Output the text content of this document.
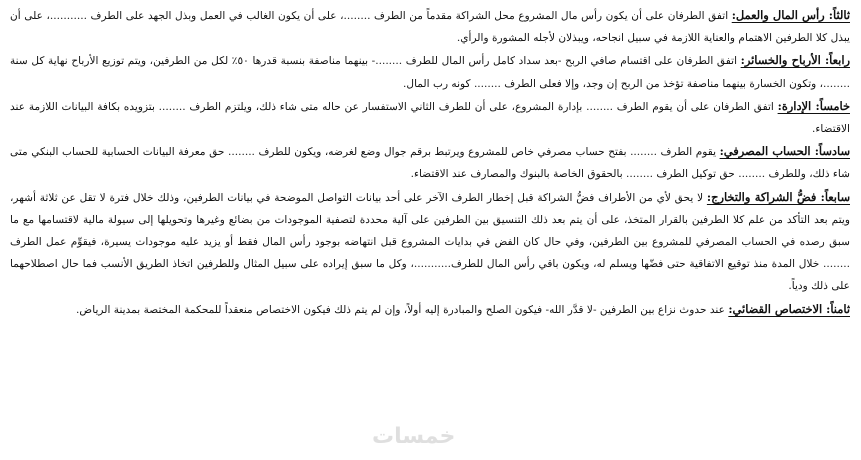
ثالثاً: رأس المال والعمل: اتفق الطرفان على أن يكون رأس مال المشروع محل الشراكة مقدماً من الطرف ........، على أن يكون الغالب في العمل وبذل الجهد على الطرف ...........، على أن يبذل كلا الطرفين الاهتمام والعناية اللازمة في سبيل انجاحه، ويبذلان لأجله المشورة والرأي.

رابعاً: الأرباح والخسائر: اتفق الطرفان على اقتسام صافي الربح -بعد سداد كامل رأس المال للطرف ........- بينهما مناصفة بنسبة قدرها ٥٠٪ لكل من الطرفين، ويتم توزيع الأرباح نهاية كل سنة ........، وتكون الخسارة بينهما مناصفة تؤخذ من الربح إن وجد، وإلا فعلى الطرف ........ كونه رب المال.

خامساً: الإدارة: اتفق الطرفان على أن يقوم الطرف ........ بإدارة المشروع، على أن للطرف الثاني الاستفسار عن حاله متى شاء ذلك، ويلتزم الطرف ........ بتزويده بكافة البيانات اللازمة عند الاقتضاء.

سادساً: الحساب المصرفي: يقوم الطرف ........ بفتح حساب مصرفي خاص للمشروع ويرتبط برقم جوال وضع لغرضه، ويكون للطرف ........ حق معرفة البيانات الحسابية للحساب البنكي متى شاء ذلك، وللطرف ........ حق توكيل الطرف ........ بالحقوق الخاصة بالبنوك والمصارف عند الاقتضاء.

سابعاً: فضُّ الشراكة والتخارج: لا يحق لأي من الأطراف فضُّ الشراكة قبل إخطار الطرف الآخر على أحد بيانات التواصل الموضحة في بيانات الطرفين، وذلك خلال فترة لا تقل عن ثلاثة أشهر، ويتم بعد التأكد من علم كلا الطرفين بالقرار المتخذ، على أن يتم بعد ذلك التنسيق بين الطرفين على آلية محددة لتصفية الموجودات من بضائع وغيرها وتحويلها إلى سيولة مالية لاقتسامها مع ما سبق رصده في الحساب المصرفي للمشروع بين الطرفين، وفي حال كان الفض في بدايات المشروع قبل انتهاضه بوجود رأس المال فقط أو يزيد عليه موجودات يسيرة، فيقوِّم عمل الطرف ........ خلال المدة منذ توقيع الاتفاقية حتى فضّها ويسلم له، ويكون باقي رأس المال للطرف...........، وكل ما سبق إيراده على سبيل المثال وللطرفين اتخاذ الطريق الأنسب فما حال اصطلاحهما على ذلك ودياً.

ثامناً: الاختصاص القضائي: عند حدوث نزاع بين الطرفين -لا قدَّر الله- فيكون الصلح والمبادرة إليه أولاً، وإن لم يتم ذلك فيكون الاختصاص منعقداً للمحكمة المختصة بمدينة الرياض.

خمسات
